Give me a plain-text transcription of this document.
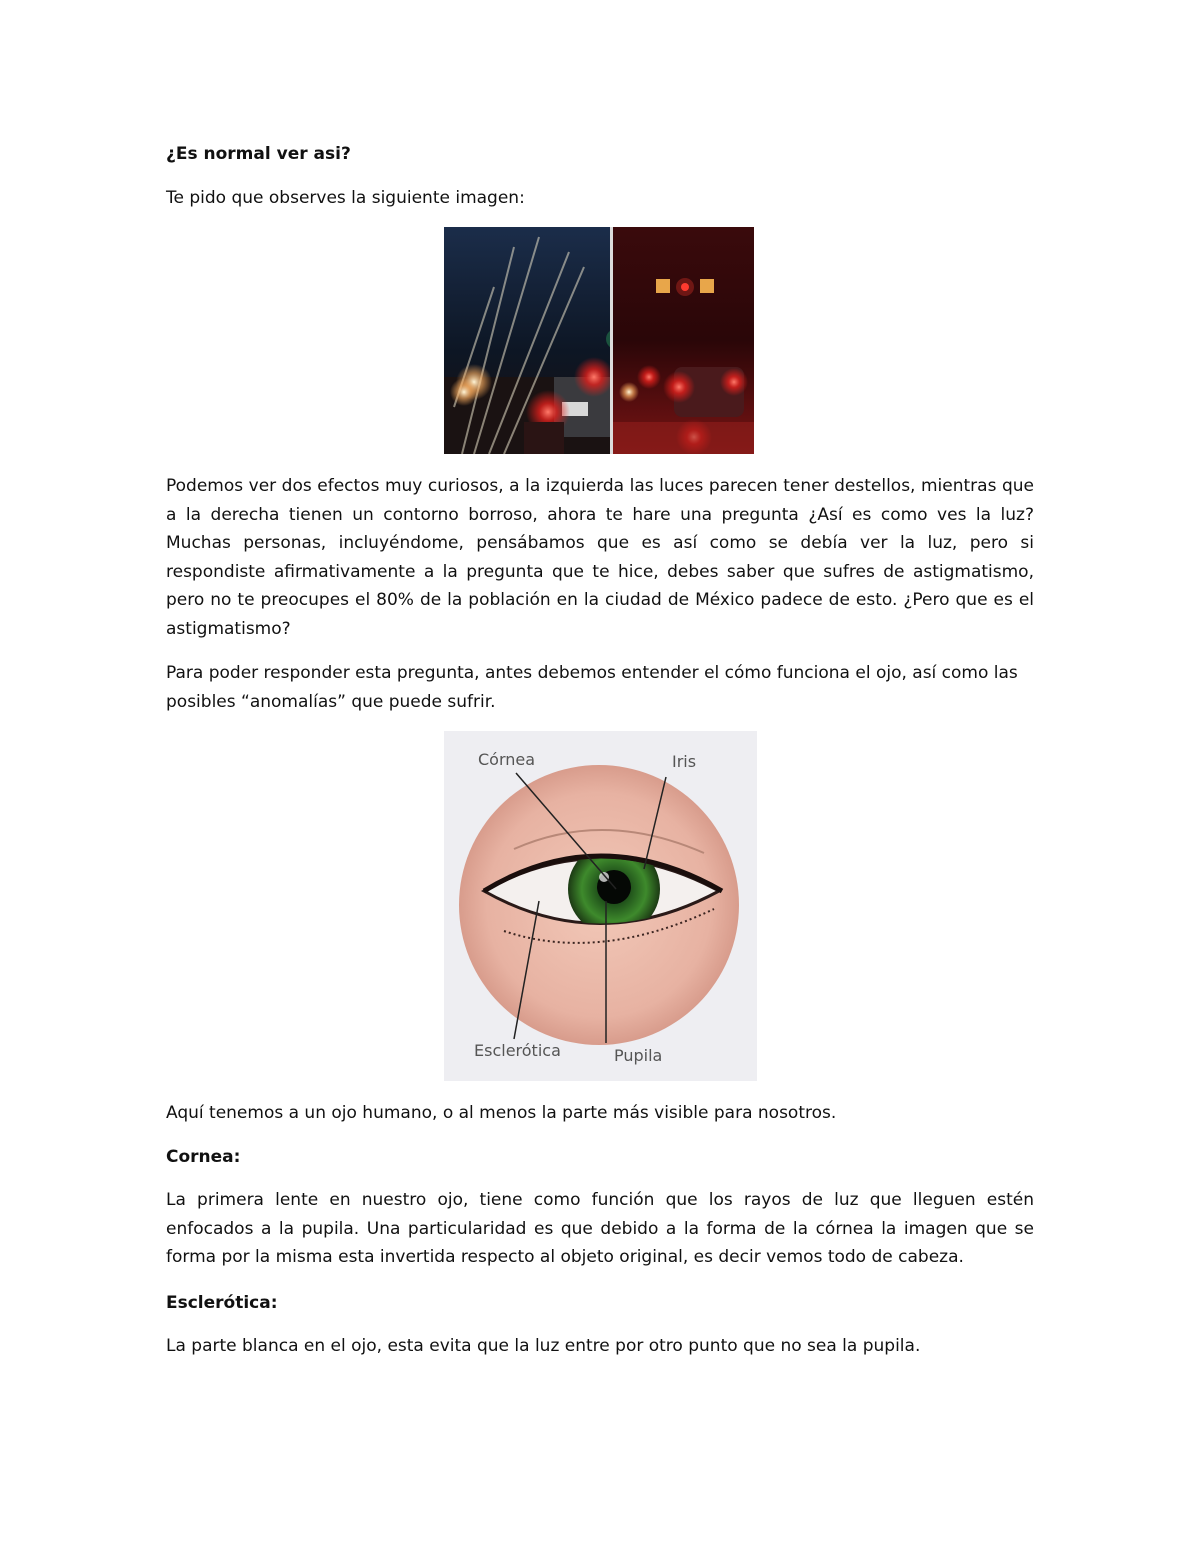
¿Es normal ver asi?

Te pido que observes la siguiente imagen:

Podemos ver dos efectos muy curiosos, a la izquierda las luces parecen tener destellos, mientras que a la derecha tienen un contorno borroso, ahora te hare una pregunta ¿Así es como ves la luz? Muchas personas, incluyéndome, pensábamos que es así como se debía ver la luz, pero si respondiste afirmativamente a la pregunta que te hice, debes saber que sufres de astigmatismo, pero no te preocupes el 80% de la población en la ciudad de México padece de esto. ¿Pero que es el astigmatismo?

Para poder responder esta pregunta, antes debemos entender el cómo funciona el ojo, así como las posibles “anomalías” que puede sufrir.

Córnea	Iris
Esclerótica	Pupila

Aquí tenemos a un ojo humano, o al menos la parte más visible para nosotros.

Cornea:

La primera lente en nuestro ojo, tiene como función que los rayos de luz que lleguen estén enfocados a la pupila. Una particularidad es que debido a la forma de la córnea la imagen que se forma por la misma esta invertida respecto al objeto original, es decir vemos todo de cabeza.

Esclerótica:

La parte blanca en el ojo, esta evita que la luz entre por otro punto que no sea la pupila.
